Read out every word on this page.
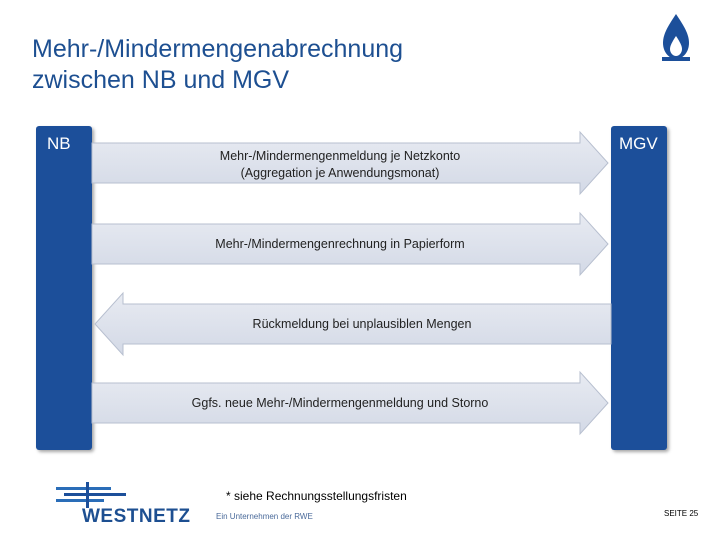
Mehr-/Mindermengenabrechnung
zwischen NB und MGV
NB	MGV
Mehr-/Mindermengenmeldung je Netzkonto
(Aggregation je Anwendungsmonat)
Mehr-/Mindermengenrechnung in Papierform
Rückmeldung bei unplausiblen Mengen
Ggfs. neue Mehr-/Mindermengenmeldung und Storno
* siehe Rechnungsstellungsfristen
WESTNETZ	Ein Unternehmen der RWE	SEITE 25
